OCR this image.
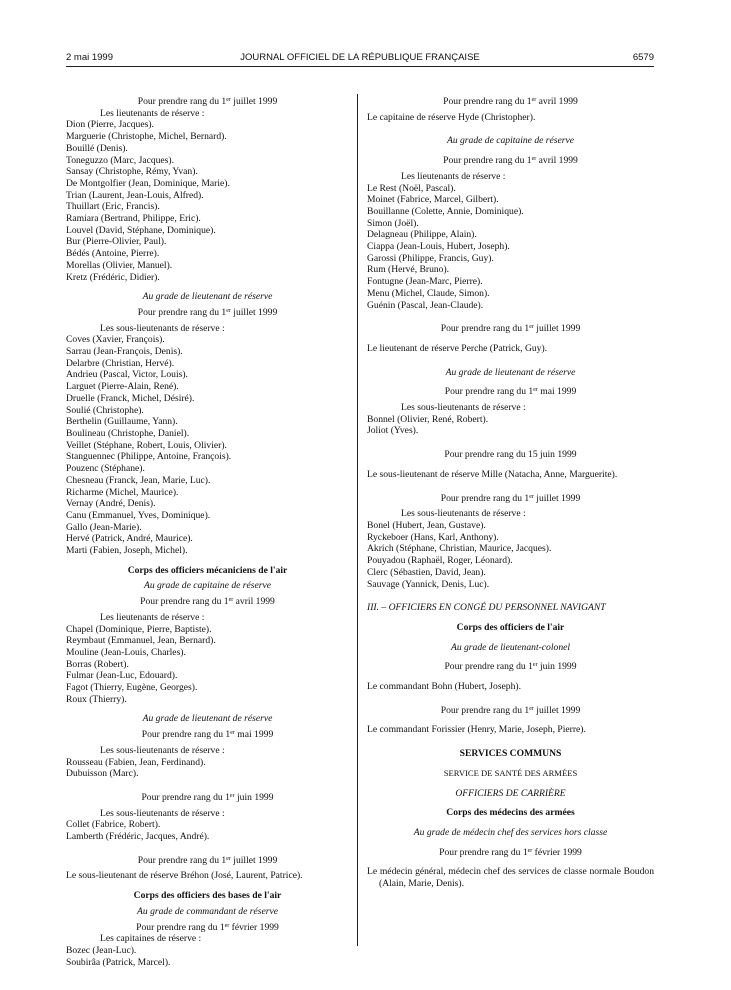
2 mai 1999	JOURNAL OFFICIEL DE LA RÉPUBLIQUE FRANÇAISE	6579
Pour prendre rang du 1er juillet 1999
Les lieutenants de réserve :
Dion (Pierre, Jacques).
Marguerie (Christophe, Michel, Bernard).
Bouillé (Denis).
Toneguzzo (Marc, Jacques).
Sansay (Christophe, Rémy, Yvan).
De Montgolfier (Jean, Dominique, Marie).
Trian (Laurent, Jean-Louis, Alfred).
Thuillart (Eric, Francis).
Ramiara (Bertrand, Philippe, Eric).
Louvel (David, Stéphane, Dominique).
Bur (Pierre-Olivier, Paul).
Bédés (Antoine, Pierre).
Morellas (Olivier, Manuel).
Kretz (Frédéric, Didier).
Au grade de lieutenant de réserve
Pour prendre rang du 1er juillet 1999
Les sous-lieutenants de réserve :
Coves (Xavier, François).
Sarrau (Jean-François, Denis).
Delarbre (Christian, Hervé).
Andrieu (Pascal, Victor, Louis).
Larguet (Pierre-Alain, René).
Druelle (Franck, Michel, Désiré).
Soulié (Christophe).
Berthelin (Guillaume, Yann).
Boulineau (Christophe, Daniel).
Veillet (Stéphane, Robert, Louis, Olivier).
Stanguennec (Philippe, Antoine, François).
Pouzenc (Stéphane).
Chesneau (Franck, Jean, Marie, Luc).
Richarme (Michel, Maurice).
Vernay (André, Denis).
Canu (Emmanuel, Yves, Dominique).
Gallo (Jean-Marie).
Hervé (Patrick, André, Maurice).
Marti (Fabien, Joseph, Michel).
Corps des officiers mécaniciens de l'air
Au grade de capitaine de réserve
Pour prendre rang du 1er avril 1999
Les lieutenants de réserve :
Chapel (Dominique, Pierre, Baptiste).
Reymbaut (Emmanuel, Jean, Bernard).
Mouline (Jean-Louis, Charles).
Borras (Robert).
Fulmar (Jean-Luc, Edouard).
Fagot (Thierry, Eugène, Georges).
Roux (Thierry).
Au grade de lieutenant de réserve
Pour prendre rang du 1er mai 1999
Les sous-lieutenants de réserve :
Rousseau (Fabien, Jean, Ferdinand).
Dubuisson (Marc).
Pour prendre rang du 1er juin 1999
Les sous-lieutenants de réserve :
Collet (Fabrice, Robert).
Lamberth (Frédéric, Jacques, André).
Pour prendre rang du 1er juillet 1999
Le sous-lieutenant de réserve Bréhon (José, Laurent, Patrice).
Corps des officiers des bases de l'air
Au grade de commandant de réserve
Pour prendre rang du 1er février 1999
Les capitaines de réserve :
Bozec (Jean-Luc).
Soubirâa (Patrick, Marcel).
Pour prendre rang du 1er avril 1999
Le capitaine de réserve Hyde (Christopher).
Au grade de capitaine de réserve
Pour prendre rang du 1er avril 1999
Les lieutenants de réserve :
Le Rest (Noël, Pascal).
Moinet (Fabrice, Marcel, Gilbert).
Bouillanne (Colette, Annie, Dominique).
Simon (Joël).
Delagneau (Philippe, Alain).
Ciappa (Jean-Louis, Hubert, Joseph).
Garossi (Philippe, Francis, Guy).
Rum (Hervé, Bruno).
Fontugne (Jean-Marc, Pierre).
Menu (Michel, Claude, Simon).
Guénin (Pascal, Jean-Claude).
Pour prendre rang du 1er juillet 1999
Le lieutenant de réserve Perche (Patrick, Guy).
Au grade de lieutenant de réserve
Pour prendre rang du 1er mai 1999
Les sous-lieutenants de réserve :
Bonnel (Olivier, René, Robert).
Joliot (Yves).
Pour prendre rang du 15 juin 1999
Le sous-lieutenant de réserve Mille (Natacha, Anne, Marguerite).
Pour prendre rang du 1er juillet 1999
Les sous-lieutenants de réserve :
Bonel (Hubert, Jean, Gustave).
Ryckeboer (Hans, Karl, Anthony).
Akrich (Stéphane, Christian, Maurice, Jacques).
Pouyadou (Raphaël, Roger, Léonard).
Clerc (Sébastien, David, Jean).
Sauvage (Yannick, Denis, Luc).
III. – OFFICIERS EN CONGÉ DU PERSONNEL NAVIGANT
Corps des officiers de l'air
Au grade de lieutenant-colonel
Pour prendre rang du 1er juin 1999
Le commandant Bohn (Hubert, Joseph).
Pour prendre rang du 1er juillet 1999
Le commandant Forissier (Henry, Marie, Joseph, Pierre).
SERVICES COMMUNS
SERVICE DE SANTÉ DES ARMÉES
OFFICIERS DE CARRIÈRE
Corps des médecins des armées
Au grade de médecin chef des services hors classe
Pour prendre rang du 1er février 1999
Le médecin général, médecin chef des services de classe normale Boudon (Alain, Marie, Denis).
